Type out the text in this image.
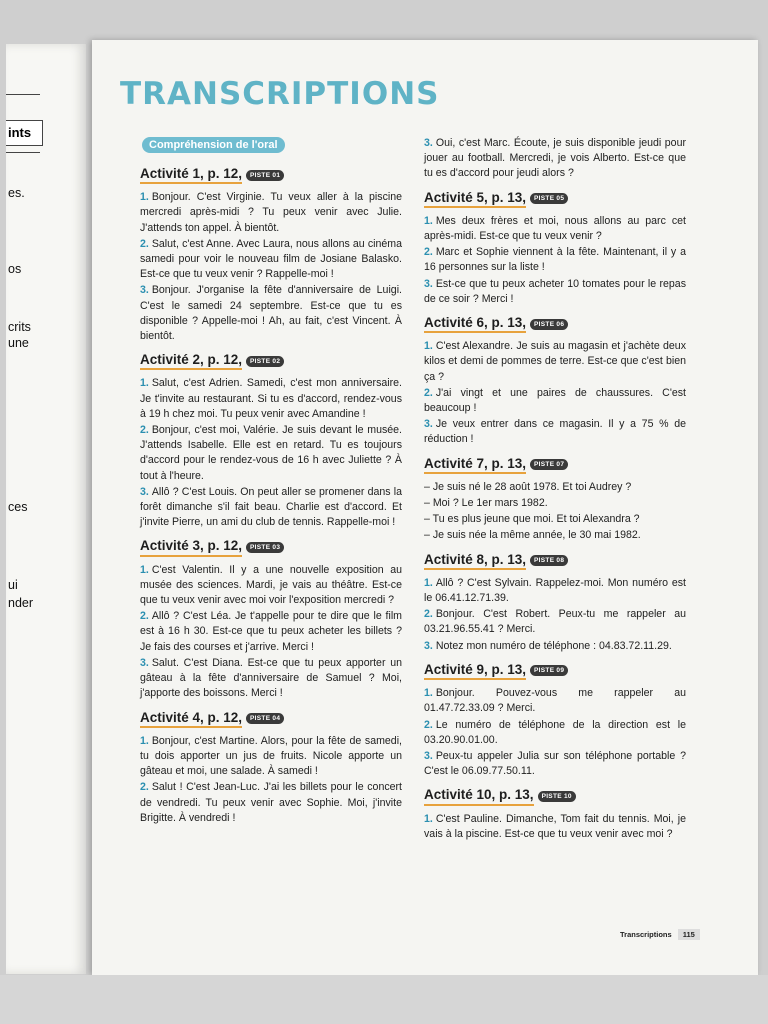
ints
es.
os
crits
une
ces
ui
nder
TRANSCRIPTIONS
Compréhension de l'oral
Activité 1, p. 12,	PISTE 01
1. Bonjour. C'est Virginie. Tu veux aller à la piscine mercredi après-midi ? Tu peux venir avec Julie. J'attends ton appel. À bientôt.
2. Salut, c'est Anne. Avec Laura, nous allons au cinéma samedi pour voir le nouveau film de Josiane Balasko. Est-ce que tu veux venir ? Rappelle-moi !
3. Bonjour. J'organise la fête d'anniversaire de Luigi. C'est le samedi 24 septembre. Est-ce que tu es disponible ? Appelle-moi ! Ah, au fait, c'est Vincent. À bientôt.
Activité 2, p. 12,	PISTE 02
1. Salut, c'est Adrien. Samedi, c'est mon anniversaire. Je t'invite au restaurant. Si tu es d'accord, rendez-vous à 19 h chez moi. Tu peux venir avec Amandine !
2. Bonjour, c'est moi, Valérie. Je suis devant le musée. J'attends Isabelle. Elle est en retard. Tu es toujours d'accord pour le rendez-vous de 16 h avec Juliette ? À tout à l'heure.
3. Allô ? C'est Louis. On peut aller se promener dans la forêt dimanche s'il fait beau. Charlie est d'accord. Et j'invite Pierre, un ami du club de tennis. Rappelle-moi !
Activité 3, p. 12,	PISTE 03
1. C'est Valentin. Il y a une nouvelle exposition au musée des sciences. Mardi, je vais au théâtre. Est-ce que tu veux venir avec moi voir l'exposition mercredi ?
2. Allô ? C'est Léa. Je t'appelle pour te dire que le film est à 16 h 30. Est-ce que tu peux acheter les billets ? Je fais des courses et j'arrive. Merci !
3. Salut. C'est Diana. Est-ce que tu peux apporter un gâteau à la fête d'anniversaire de Samuel ? Moi, j'apporte des boissons. Merci !
Activité 4, p. 12,	PISTE 04
1. Bonjour, c'est Martine. Alors, pour la fête de samedi, tu dois apporter un jus de fruits. Nicole apporte un gâteau et moi, une salade. À samedi !
2. Salut ! C'est Jean-Luc. J'ai les billets pour le concert de vendredi. Tu peux venir avec Sophie. Moi, j'invite Brigitte. À vendredi !
3. Oui, c'est Marc. Écoute, je suis disponible jeudi pour jouer au football. Mercredi, je vois Alberto. Est-ce que tu es d'accord pour jeudi alors ?
Activité 5, p. 13,	PISTE 05
1. Mes deux frères et moi, nous allons au parc cet après-midi. Est-ce que tu veux venir ?
2. Marc et Sophie viennent à la fête. Maintenant, il y a 16 personnes sur la liste !
3. Est-ce que tu peux acheter 10 tomates pour le repas de ce soir ? Merci !
Activité 6, p. 13,	PISTE 06
1. C'est Alexandre. Je suis au magasin et j'achète deux kilos et demi de pommes de terre. Est-ce que c'est bien ça ?
2. J'ai vingt et une paires de chaussures. C'est beaucoup !
3. Je veux entrer dans ce magasin. Il y a 75 % de réduction !
Activité 7, p. 13,	PISTE 07
– Je suis né le 28 août 1978. Et toi Audrey ?
– Moi ? Le 1er mars 1982.
– Tu es plus jeune que moi. Et toi Alexandra ?
– Je suis née la même année, le 30 mai 1982.
Activité 8, p. 13,	PISTE 08
1. Allô ? C'est Sylvain. Rappelez-moi. Mon numéro est le 06.41.12.71.39.
2. Bonjour. C'est Robert. Peux-tu me rappeler au 03.21.96.55.41 ? Merci.
3. Notez mon numéro de téléphone : 04.83.72.11.29.
Activité 9, p. 13,	PISTE 09
1. Bonjour. Pouvez-vous me rappeler au 01.47.72.33.09 ? Merci.
2. Le numéro de téléphone de la direction est le 03.20.90.01.00.
3. Peux-tu appeler Julia sur son téléphone portable ? C'est le 06.09.77.50.11.
Activité 10, p. 13,	PISTE 10
1. C'est Pauline. Dimanche, Tom fait du tennis. Moi, je vais à la piscine. Est-ce que tu veux venir avec moi ?
Transcriptions	115
